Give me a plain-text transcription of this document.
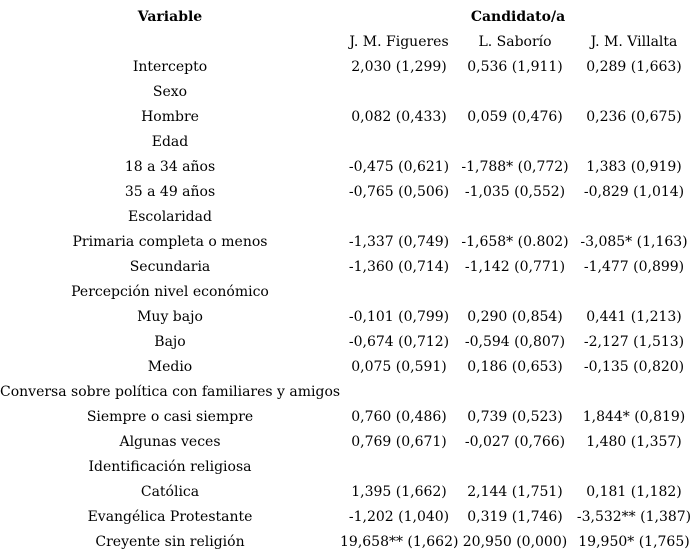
Variable	Candidato/a		
	J. M. Figueres	L. Saborío	J. M. Villalta
Intercepto	2,030 (1,299)	0,536 (1,911)	0,289 (1,663)
Sexo			
Hombre	0,082 (0,433)	0,059 (0,476)	0,236 (0,675)
Edad			
18 a 34 años	-0,475 (0,621)	-1,788* (0,772)	1,383 (0,919)
35 a 49 años	-0,765 (0,506)	-1,035 (0,552)	-0,829 (1,014)
Escolaridad			
Primaria completa o menos	-1,337 (0,749)	-1,658* (0.802)	-3,085* (1,163)
Secundaria	-1,360 (0,714)	-1,142 (0,771)	-1,477 (0,899)
Percepción nivel económico			
Muy bajo	-0,101 (0,799)	0,290 (0,854)	0,441 (1,213)
Bajo	-0,674 (0,712)	-0,594 (0,807)	-2,127 (1,513)
Medio	0,075 (0,591)	0,186 (0,653)	-0,135 (0,820)
Conversa sobre política con familiares y amigos			
Siempre o casi siempre	0,760 (0,486)	0,739 (0,523)	1,844* (0,819)
Algunas veces	0,769 (0,671)	-0,027 (0,766)	1,480 (1,357)
Identificación religiosa			
Católica	1,395 (1,662)	2,144 (1,751)	0,181 (1,182)
Evangélica Protestante	-1,202 (1,040)	0,319 (1,746)	-3,532** (1,387)
Creyente sin religión	19,658** (1,662)	20,950 (0,000)	19,950* (1,765)
